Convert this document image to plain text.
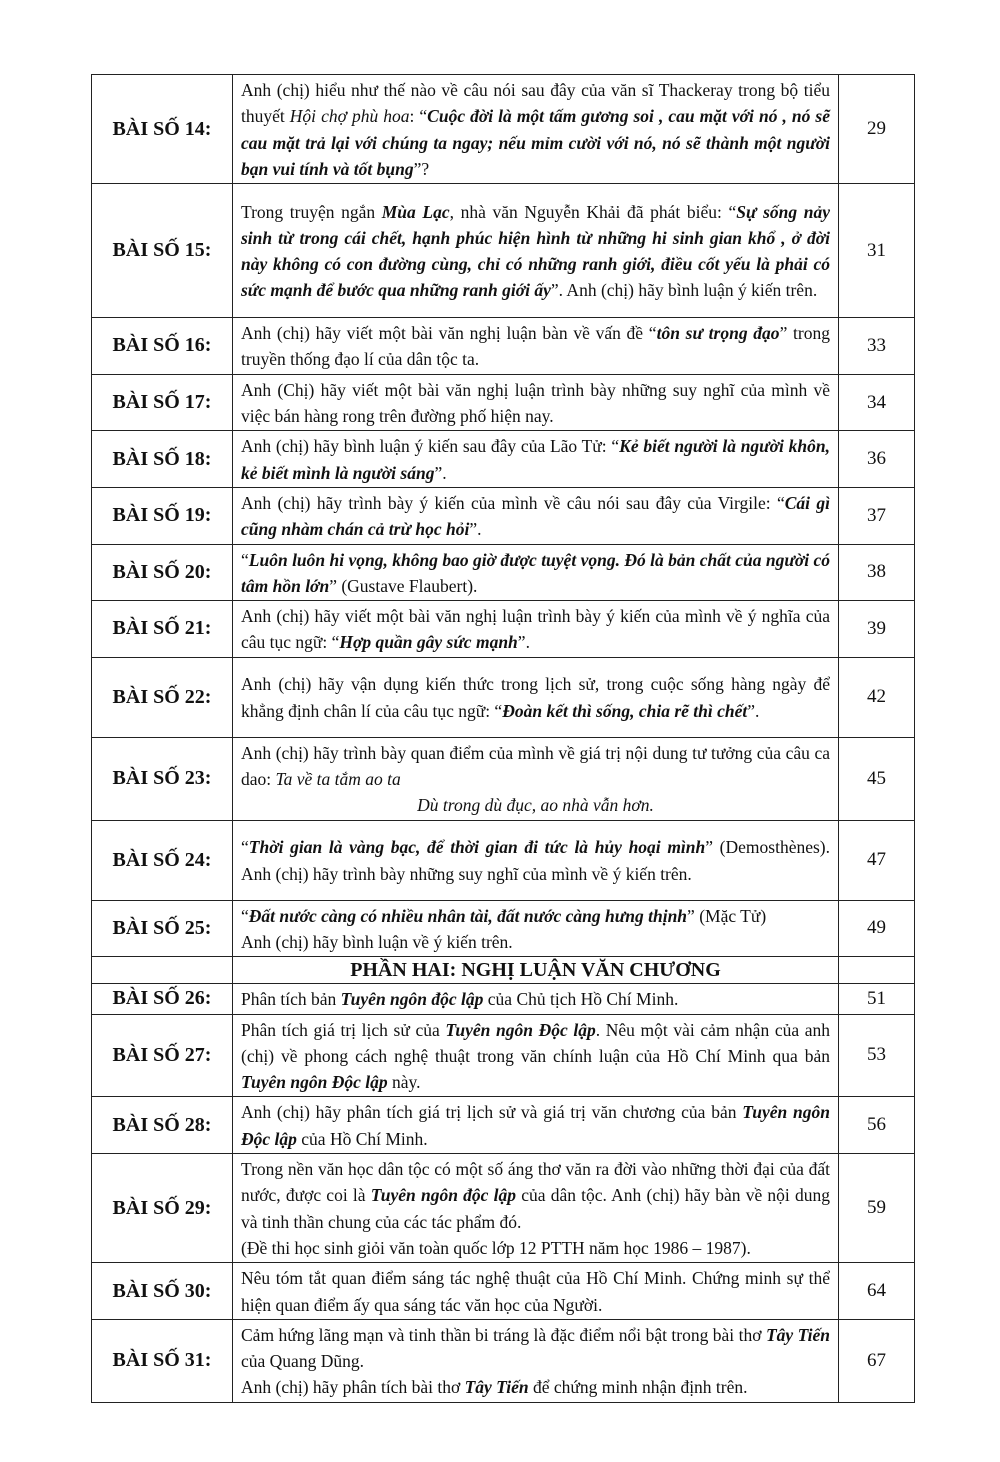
BÀI SỐ 14:	Anh (chị) hiểu như thế nào về câu nói sau đây của văn sĩ Thackeray trong bộ tiểu thuyết Hội chợ phù hoa: “Cuộc đời là một tấm gương soi , cau mặt với nó , nó sẽ cau mặt trả lại với chúng ta ngay; nếu mỉm cười với nó, nó sẽ thành một người bạn vui tính và tốt bụng”?	29
BÀI SỐ 15:	Trong truyện ngắn Mùa Lạc, nhà văn Nguyễn Khải đã phát biểu: “Sự sống nảy sinh từ trong cái chết, hạnh phúc hiện hình từ những hi sinh gian khổ , ở đời này không có con đường cùng, chỉ có những ranh giới, điều cốt yếu là phải có sức mạnh để bước qua những ranh giới ấy”. Anh (chị) hãy bình luận ý kiến trên.	31
BÀI SỐ 16:	Anh (chị) hãy viết một bài văn nghị luận bàn về vấn đề “tôn sư trọng đạo” trong truyền thống đạo lí của dân tộc ta.	33
BÀI SỐ 17:	Anh (Chị) hãy viết một bài văn nghị luận trình bày những suy nghĩ của mình về việc bán hàng rong trên đường phố hiện nay.	34
BÀI SỐ 18:	Anh (chị) hãy bình luận ý kiến sau đây của Lão Tử: “Kẻ biết người là người khôn, kẻ biết mình là người sáng”.	36
BÀI SỐ 19:	Anh (chị) hãy trình bày ý kiến của mình về câu nói sau đây của Virgile: “Cái gì cũng nhàm chán cả trừ học hỏi”.	37
BÀI SỐ 20:	“Luôn luôn hi vọng, không bao giờ được tuyệt vọng. Đó là bản chất của người có tâm hồn lớn” (Gustave Flaubert).	38
BÀI SỐ 21:	Anh (chị) hãy viết một bài văn nghị luận trình bày ý kiến của mình về ý nghĩa của câu tục ngữ: “Hợp quần gây sức mạnh”.	39
BÀI SỐ 22:	Anh (chị) hãy vận dụng kiến thức trong lịch sử, trong cuộc sống hàng ngày để khẳng định chân lí của câu tục ngữ: “Đoàn kết thì sống, chia rẽ thì chết”.	42
BÀI SỐ 23:	Anh (chị) hãy trình bày quan điểm của mình về giá trị nội dung tư tưởng của câu ca dao: Ta về ta tắm ao ta

Dù trong dù đục, ao nhà vẫn hơn.	45
BÀI SỐ 24:	“Thời gian là vàng bạc, để thời gian đi tức là hủy hoại mình” (Demosthènes). Anh (chị) hãy trình bày những suy nghĩ của mình về ý kiến trên.	47
BÀI SỐ 25:	“Đất nước càng có nhiều nhân tài, đất nước càng hưng thịnh” (Mặc Tử)

Anh (chị) hãy bình luận về ý kiến trên.	49
	PHẦN HAI: NGHỊ LUẬN VĂN CHƯƠNG	
BÀI SỐ 26:	Phân tích bản Tuyên ngôn độc lập của Chủ tịch Hồ Chí Minh.	51
BÀI SỐ 27:	Phân tích giá trị lịch sử của Tuyên ngôn Độc lập. Nêu một vài cảm nhận của anh (chị) về phong cách nghệ thuật trong văn chính luận của Hồ Chí Minh qua bản Tuyên ngôn Độc lập này.	53
BÀI SỐ 28:	Anh (chị) hãy phân tích giá trị lịch sử và giá trị văn chương của bản Tuyên ngôn Độc lập của Hồ Chí Minh.	56
BÀI SỐ 29:	Trong nền văn học dân tộc có một số áng thơ văn ra đời vào những thời đại của đất nước, được coi là Tuyên ngôn độc lập của dân tộc. Anh (chị) hãy bàn về nội dung và tinh thần chung của các tác phẩm đó.

(Đề thi học sinh giỏi văn toàn quốc lớp 12 PTTH năm học 1986 – 1987).	59
BÀI SỐ 30:	Nêu tóm tắt quan điểm sáng tác nghệ thuật của Hồ Chí Minh. Chứng minh sự thể hiện quan điểm ấy qua sáng tác văn học của Người.	64
BÀI SỐ 31:	Cảm hứng lãng mạn và tinh thần bi tráng là đặc điểm nổi bật trong bài thơ Tây Tiến của Quang Dũng.

Anh (chị) hãy phân tích bài thơ Tây Tiến để chứng minh nhận định trên.	67
